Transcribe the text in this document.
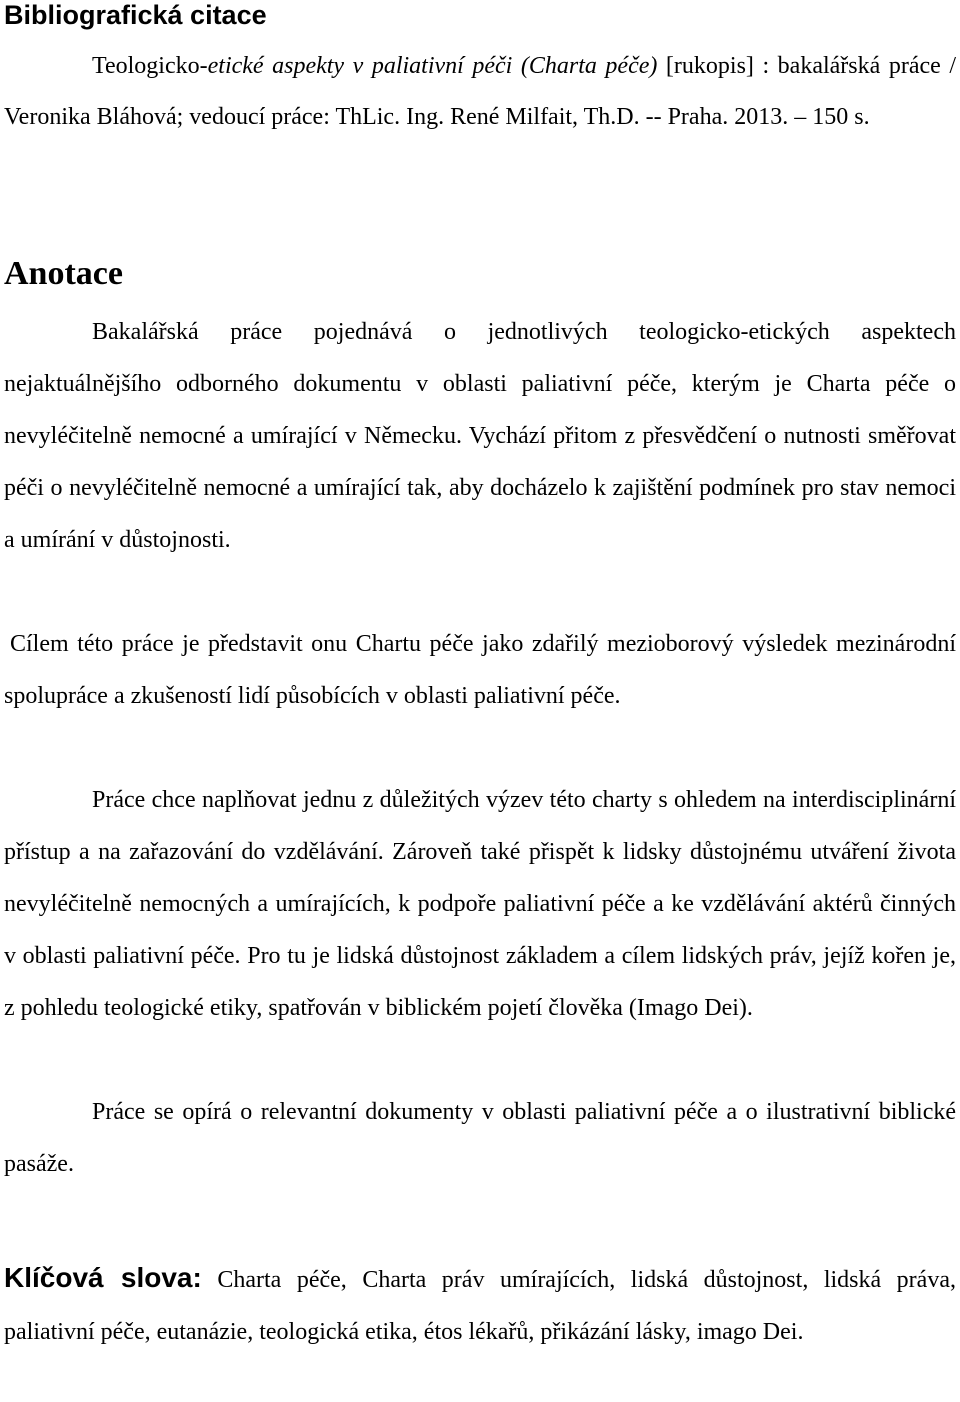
Bibliografická citace

Teologicko-etické aspekty v paliativní péči (Charta péče) [rukopis] : bakalářská práce / Veronika Bláhová; vedoucí práce: ThLic. Ing. René Milfait, Th.D. -- Praha. 2013. – 150 s.

Anotace

Bakalářská práce pojednává o jednotlivých teologicko-etických aspektech nejaktuálnějšího odborného dokumentu v oblasti paliativní péče, kterým je Charta péče o nevyléčitelně nemocné a umírající v Německu. Vychází přitom z přesvědčení o nutnosti směřovat péči o nevyléčitelně nemocné a umírající tak, aby docházelo k zajištění podmínek pro stav nemoci a umírání v důstojnosti.

Cílem této práce je představit onu Chartu péče jako zdařilý mezioborový výsledek mezinárodní spolupráce a zkušeností lidí působících v oblasti paliativní péče.

Práce chce naplňovat jednu z důležitých výzev této charty s ohledem na interdisciplinární přístup a na zařazování do vzdělávání. Zároveň také přispět k lidsky důstojnému utváření života nevyléčitelně nemocných a umírajících, k podpoře paliativní péče a ke vzdělávání aktérů činných v oblasti paliativní péče. Pro tu je lidská důstojnost základem a cílem lidských práv, jejíž kořen je, z pohledu teologické etiky, spatřován v biblickém pojetí člověka (Imago Dei).

Práce se opírá o relevantní dokumenty v oblasti paliativní péče a o ilustrativní biblické pasáže.

Klíčová slova: Charta péče, Charta práv umírajících, lidská důstojnost, lidská práva, paliativní péče, eutanázie, teologická etika, étos lékařů, přikázání lásky, imago Dei.
